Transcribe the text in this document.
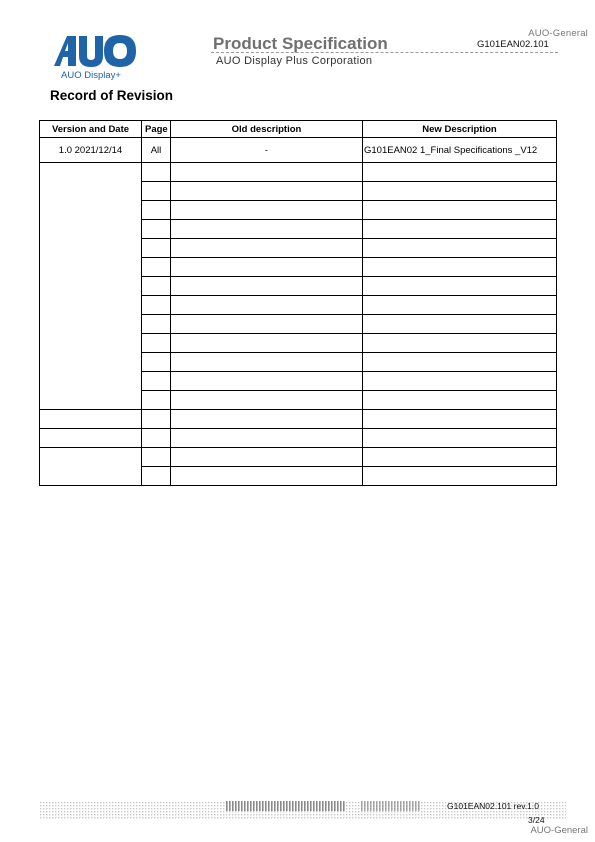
AUO-General
AUO Display+
Product Specification	G101EAN02.101
AUO Display Plus Corporation
Record of Revision
Version and Date	Page	Old description	New Description
1.0 2021/12/14	All	-	G101EAN02 1_Final Specifications _V12

G101EAN02.101 rev.1.0
3/24
AUO-General
